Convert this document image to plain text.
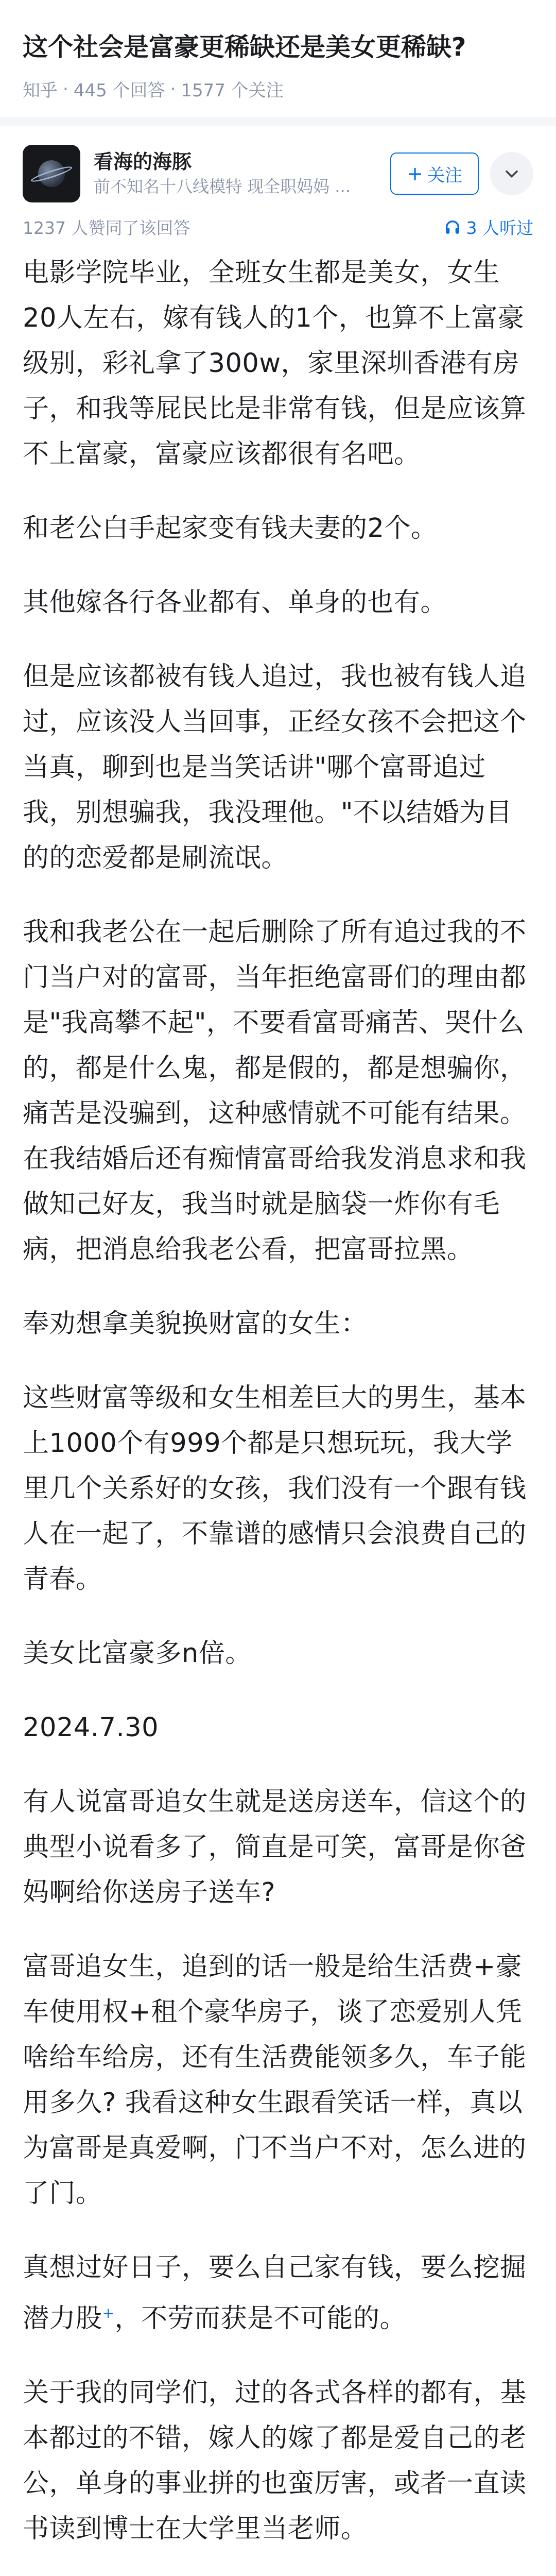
这个社会是富豪更稀缺还是美女更稀缺?
知乎 · 445 个回答 · 1577 个关注
看海的海豚
前不知名十八线模特 现全职妈妈 ...
+ 关注
1237 人赞同了该回答	3 人听过

电影学院毕业，全班女生都是美女，女生20人左右，嫁有钱人的1个，也算不上富豪级别，彩礼拿了300w，家里深圳香港有房子，和我等屁民比是非常有钱，但是应该算不上富豪，富豪应该都很有名吧。

和老公白手起家变有钱夫妻的2个。

其他嫁各行各业都有、单身的也有。

但是应该都被有钱人追过，我也被有钱人追过，应该没人当回事，正经女孩不会把这个当真，聊到也是当笑话讲"哪个富哥追过我，别想骗我，我没理他。"不以结婚为目的的恋爱都是刷流氓。

我和我老公在一起后删除了所有追过我的不门当户对的富哥，当年拒绝富哥们的理由都是"我高攀不起"，不要看富哥痛苦、哭什么的，都是什么鬼，都是假的，都是想骗你，痛苦是没骗到，这种感情就不可能有结果。在我结婚后还有痴情富哥给我发消息求和我做知己好友，我当时就是脑袋一炸你有毛病，把消息给我老公看，把富哥拉黑。

奉劝想拿美貌换财富的女生：

这些财富等级和女生相差巨大的男生，基本上1000个有999个都是只想玩玩，我大学里几个关系好的女孩，我们没有一个跟有钱人在一起了，不靠谱的感情只会浪费自己的青春。

美女比富豪多n倍。

2024.7.30

有人说富哥追女生就是送房送车，信这个的典型小说看多了，简直是可笑，富哥是你爸妈啊给你送房子送车?

富哥追女生，追到的话一般是给生活费+豪车使用权+租个豪华房子，谈了恋爱别人凭啥给车给房，还有生活费能领多久，车子能用多久? 我看这种女生跟看笑话一样，真以为富哥是真爱啊，门不当户不对，怎么进的了门。

真想过好日子，要么自己家有钱，要么挖掘潜力股+，不劳而获是不可能的。

关于我的同学们，过的各式各样的都有，基本都过的不错，嫁人的嫁了都是爱自己的老公，单身的事业拼的也蛮厉害，或者一直读书读到博士在大学里当老师。
